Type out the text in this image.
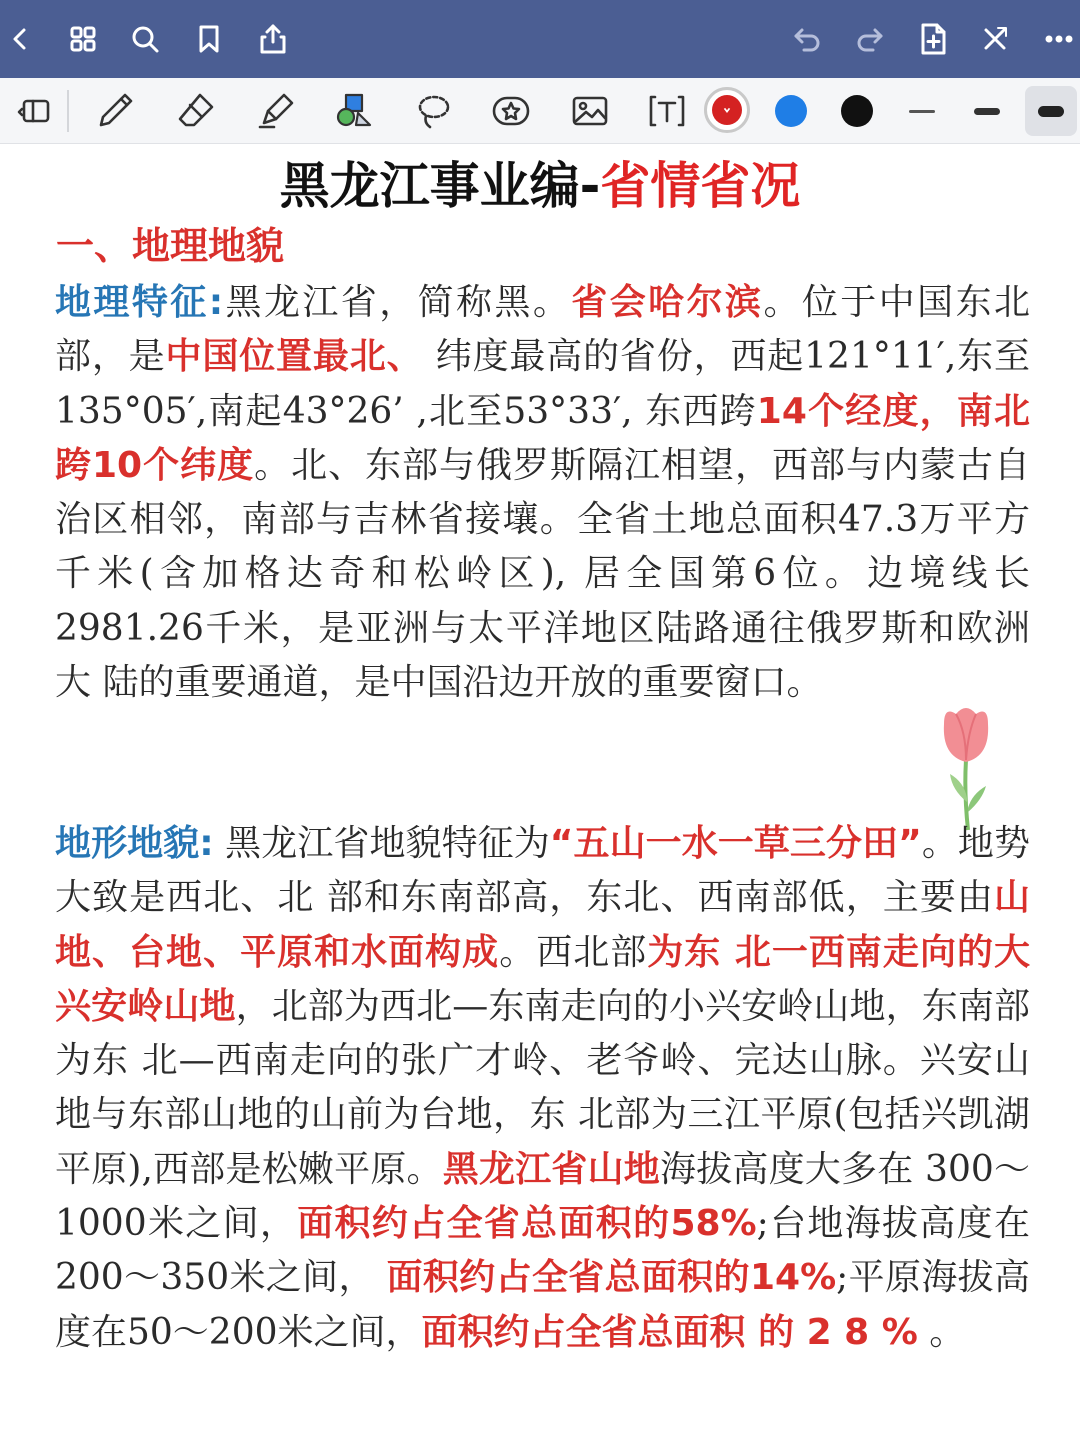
黑龙江事业编-省情省况
一、地理地貌
地理特征:黑龙江省，简称黑。省会哈尔滨。位于中国东北部，是中国位置最北、 纬度最高的省份，西起121°11′,东至135°05′,南起43°26’ ,北至53°33′, 东西跨14个经度，南北跨10个纬度。北、东部与俄罗斯隔江相望，西部与内蒙古自 治区相邻，南部与吉林省接壤。全省土地总面积47.3万平方千米(含加格达奇和松岭区), 居全国第6位。边境线长2981.26千米，是亚洲与太平洋地区陆路通往俄罗斯和欧洲大 陆的重要通道，是中国沿边开放的重要窗口。
地形地貌: 黑龙江省地貌特征为“五山一水一草三分田”。地势大致是西北、北 部和东南部高，东北、西南部低，主要由山地、台地、平原和水面构成。西北部为东 北一西南走向的大兴安岭山地，北部为西北—东南走向的小兴安岭山地，东南部为东 北—西南走向的张广才岭、老爷岭、完达山脉。兴安山地与东部山地的山前为台地，东 北部为三江平原(包括兴凯湖平原),西部是松嫩平原。黑龙江省山地海拔高度大多在 300～1000米之间，面积约占全省总面积的58%;台地海拔高度在200～350米之间， 面积约占全省总面积的14%;平原海拔高度在50～200米之间，面积约占全省总面积 的 2 8 % 。
